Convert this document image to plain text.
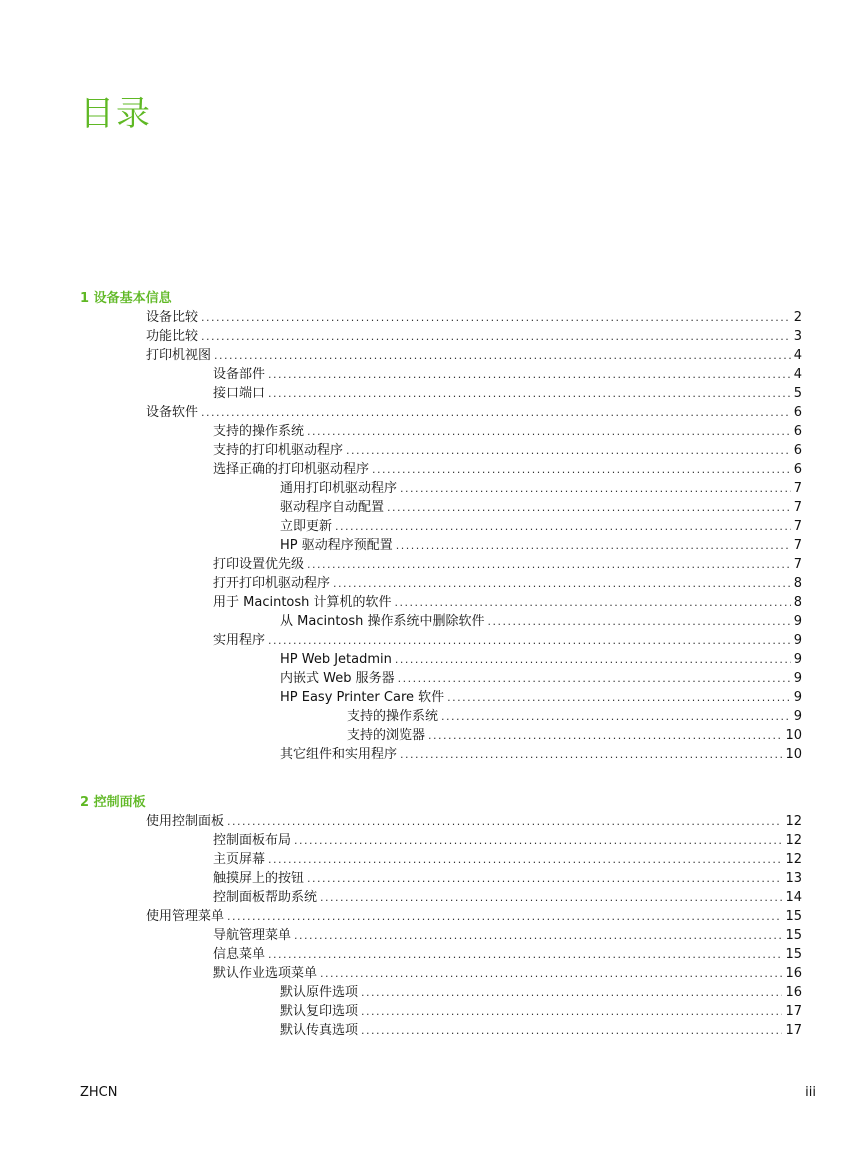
目录
1 设备基本信息
设备比较 . . .	2
功能比较 . . .	3
打印机视图 . . .	4
设备部件 . . .	4
接口端口 . . .	5
设备软件 . . .	6
支持的操作系统 . . .	6
支持的打印机驱动程序 . . .	6
选择正确的打印机驱动程序 . . .	6
通用打印机驱动程序 . . .	7
驱动程序自动配置 . . .	7
立即更新 . . .	7
HP 驱动程序预配置 . . .	7
打印设置优先级 . . .	7
打开打印机驱动程序 . . .	8
用于 Macintosh 计算机的软件 . . .	8
从 Macintosh 操作系统中删除软件 . . .	9
实用程序 . . .	9
HP Web Jetadmin . . .	9
内嵌式 Web 服务器 . . .	9
HP Easy Printer Care 软件 . . .	9
支持的操作系统 . . .	9
支持的浏览器 . . .	10
其它组件和实用程序 . . .	10
2 控制面板
使用控制面板 . . .	12
控制面板布局 . . .	12
主页屏幕 . . .	12
触摸屏上的按钮 . . .	13
控制面板帮助系统 . . .	14
使用管理菜单 . . .	15
导航管理菜单 . . .	15
信息菜单 . . .	15
默认作业选项菜单 . . .	16
默认原件选项 . . .	16
默认复印选项 . . .	17
默认传真选项 . . .	17
ZHCN	iii
